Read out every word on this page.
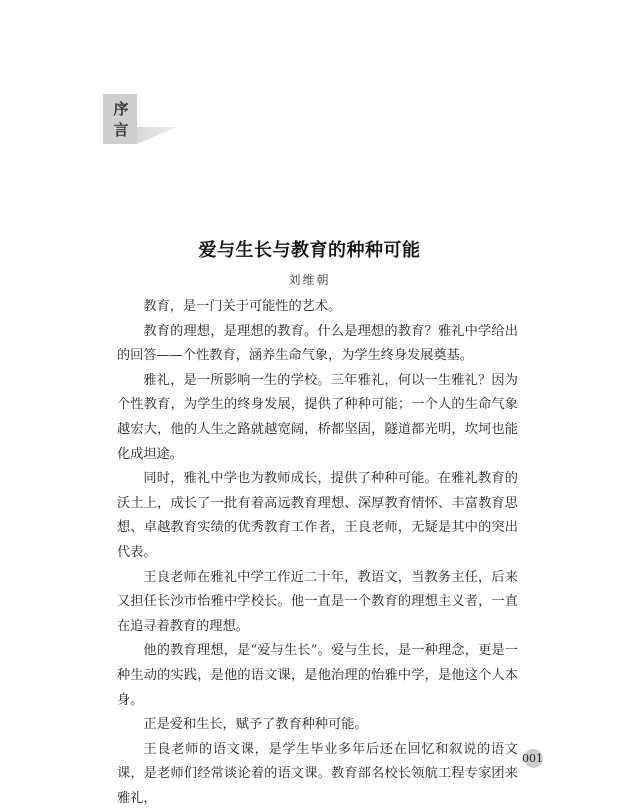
序
言
爱与生长与教育的种种可能
刘维朝

教育，是一门关于可能性的艺术。

教育的理想，是理想的教育。什么是理想的教育？雅礼中学给出的回答——个性教育，涵养生命气象，为学生终身发展奠基。

雅礼，是一所影响一生的学校。三年雅礼，何以一生雅礼？因为个性教育，为学生的终身发展，提供了种种可能；一个人的生命气象越宏大，他的人生之路就越宽阔，桥都坚固，隧道都光明，坎坷也能化成坦途。

同时，雅礼中学也为教师成长，提供了种种可能。在雅礼教育的沃土上，成长了一批有着高远教育理想、深厚教育情怀、丰富教育思想、卓越教育实绩的优秀教育工作者，王良老师，无疑是其中的突出代表。

王良老师在雅礼中学工作近二十年，教语文，当教务主任，后来又担任长沙市怡雅中学校长。他一直是一个教育的理想主义者，一直在追寻着教育的理想。

他的教育理想，是“爱与生长”。爱与生长，是一种理念，更是一种生动的实践，是他的语文课，是他治理的怡雅中学，是他这个人本身。

正是爱和生长，赋予了教育种种可能。

王良老师的语文课，是学生毕业多年后还在回忆和叙说的语文课，是老师们经常谈论着的语文课。教育部名校长领航工程专家团来雅礼，

001
